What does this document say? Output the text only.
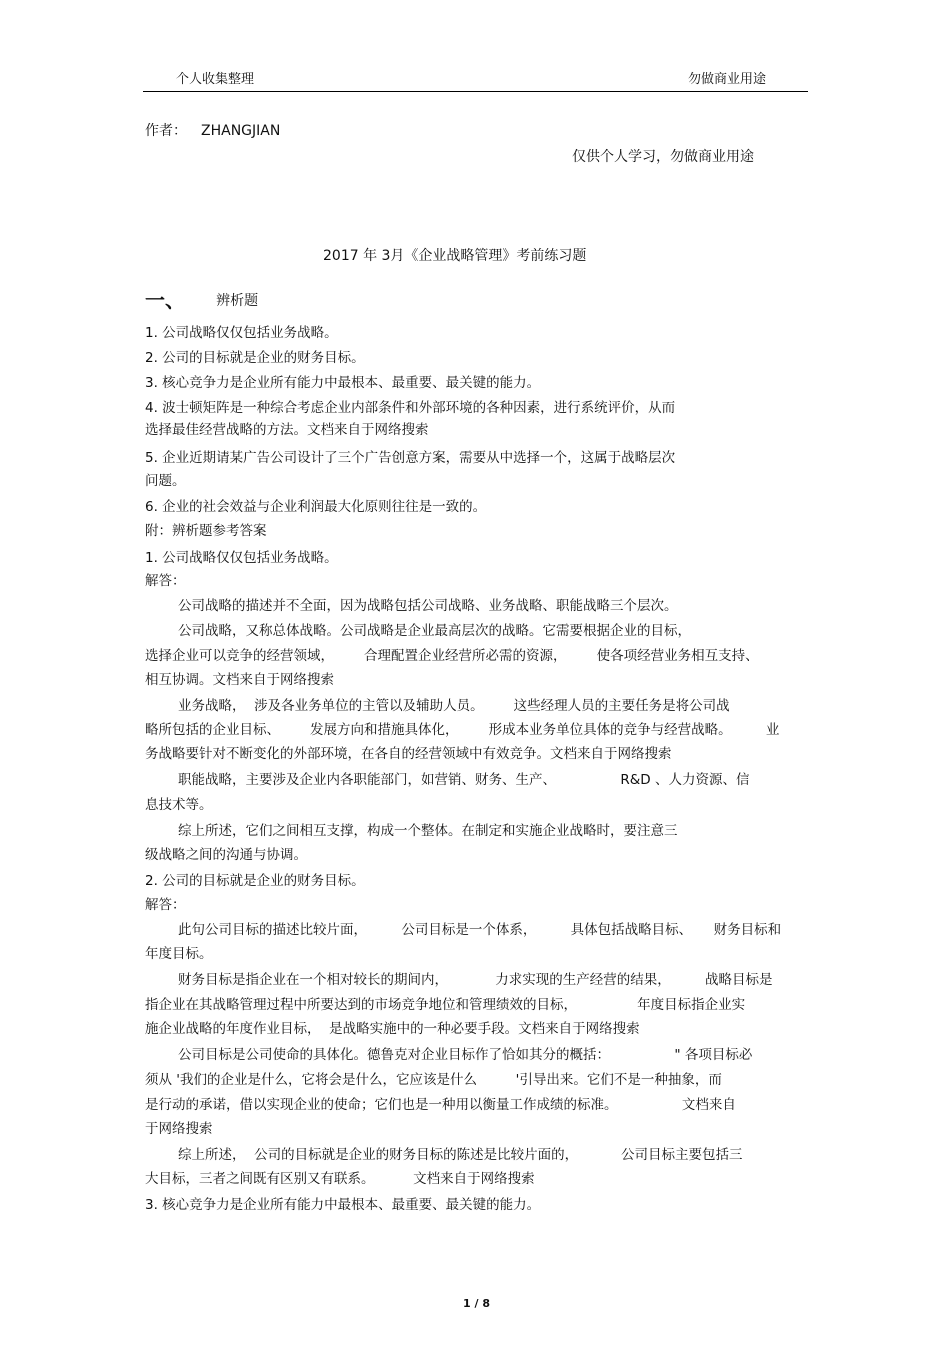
个人收集整理	勿做商业用途
作者： ZHANGJIAN
仅供个人学习，勿做商业用途
2017 年 3月《企业战略管理》考前练习题
一、 辨析题
1. 公司战略仅仅包括业务战略。
2. 公司的目标就是企业的财务目标。
3. 核心竞争力是企业所有能力中最根本、最重要、最关键的能力。
4. 波士顿矩阵是一种综合考虑企业内部条件和外部环境的各种因素，进行系统评价，从而
选择最佳经营战略的方法。文档来自于网络搜索
5. 企业近期请某广告公司设计了三个广告创意方案，需要从中选择一个，这属于战略层次
问题。
6. 企业的社会效益与企业利润最大化原则往往是一致的。
附：辨析题参考答案
1. 公司战略仅仅包括业务战略。
解答：
公司战略的描述并不全面，因为战略包括公司战略、业务战略、职能战略三个层次。
公司战略，又称总体战略。公司战略是企业最高层次的战略。它需要根据企业的目标，
选择企业可以竞争的经营领域，       合理配置企业经营所必需的资源，       使各项经营业务相互支持、
相互协调。文档来自于网络搜索
业务战略，  涉及各业务单位的主管以及辅助人员。       这些经理人员的主要任务是将公司战
略所包括的企业目标、       发展方向和措施具体化，       形成本业务单位具体的竞争与经营战略。        业
务战略要针对不断变化的外部环境，在各自的经营领域中有效竞争。文档来自于网络搜索
职能战略，主要涉及企业内各职能部门，如营销、财务、生产、               R&D 、人力资源、信
息技术等。
综上所述，它们之间相互支撑，构成一个整体。在制定和实施企业战略时，要注意三
级战略之间的沟通与协调。
2. 公司的目标就是企业的财务目标。
解答：
此句公司目标的描述比较片面，        公司目标是一个体系，        具体包括战略目标、     财务目标和
年度目标。
财务目标是指企业在一个相对较长的期间内，           力求实现的生产经营的结果，        战略目标是
指企业在其战略管理过程中所要达到的市场竞争地位和管理绩效的目标，              年度目标指企业实
施企业战略的年度作业目标，  是战略实施中的一种必要手段。文档来自于网络搜索
公司目标是公司使命的具体化。德鲁克对企业目标作了恰如其分的概括：               " 各项目标必
须从 '我们的企业是什么，它将会是什么，它应该是什么         '引导出来。它们不是一种抽象，而
是行动的承诺，借以实现企业的使命；它们也是一种用以衡量工作成绩的标准。               文档来自
于网络搜索
综上所述，  公司的目标就是企业的财务目标的陈述是比较片面的，          公司目标主要包括三
大目标，三者之间既有区别又有联系。         文档来自于网络搜索
3. 核心竞争力是企业所有能力中最根本、最重要、最关键的能力。
1 / 8
